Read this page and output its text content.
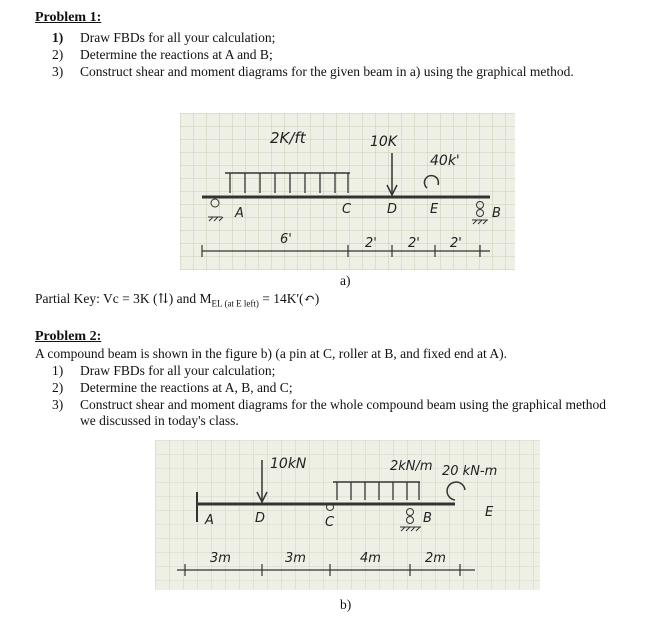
Problem 1:
1) Draw FBDs for all your calculation;
2) Determine the reactions at A and B;
3) Construct shear and moment diagrams for the given beam in a) using the graphical method.
2K/ft	10K
40k'
A	C	D	E	B
6'	2' 2' 2'
a)
Partial Key: Vc = 3K (⇅) and $M_{EL (at E left)}$ = 14K'(↶)
Problem 2:
A compound beam is shown in the figure b) (a pin at C, roller at B, and fixed end at A).
1) Draw FBDs for all your calculation;
2) Determine the reactions at A, B, and C;
3) Construct shear and moment diagrams for the whole compound beam using the graphical method we discussed in today's class.
10kN	2kN/m 20 kN-m
A	D	C	B	E
3m	3m	4m	2m
b)
